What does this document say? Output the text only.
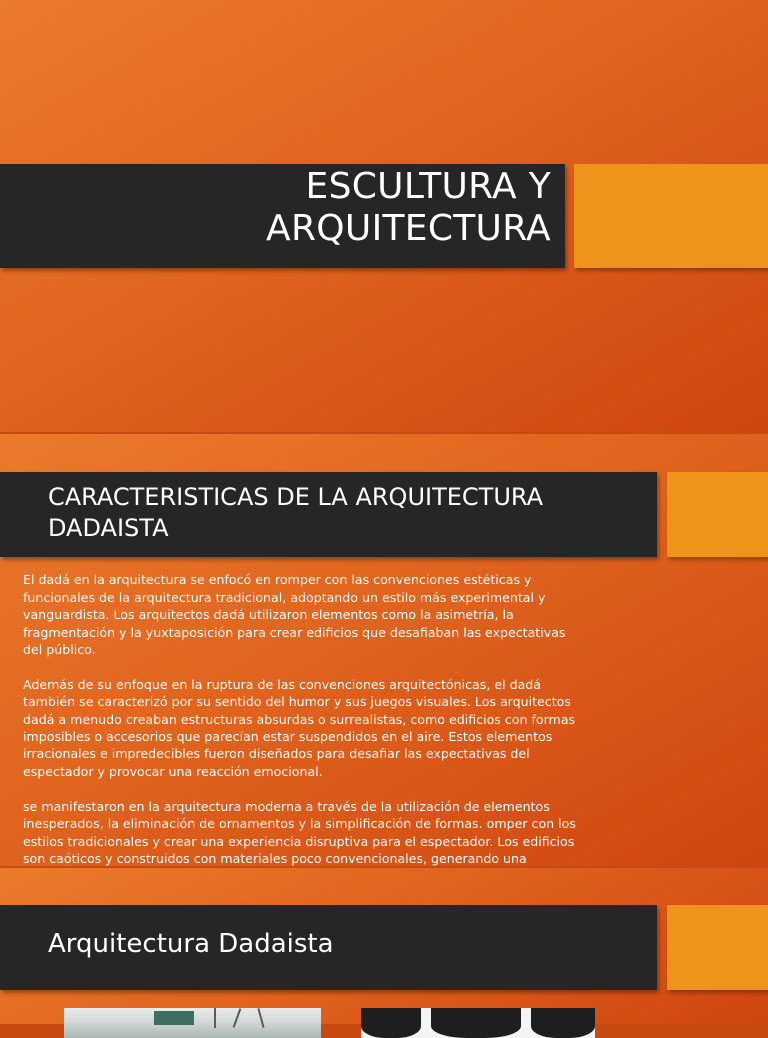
ESCULTURA Y
ARQUITECTURA
CARACTERISTICAS DE LA ARQUITECTURA
DADAISTA

El dadá en la arquitectura se enfocó en romper con las convenciones estéticas y
funcionales de la arquitectura tradicional, adoptando un estilo más experimental y
vanguardista. Los arquitectos dadá utilizaron elementos como la asimetría, la
fragmentación y la yuxtaposición para crear edificios que desafiaban las expectativas
del público.

Además de su enfoque en la ruptura de las convenciones arquitectónicas, el dadá
también se caracterizó por su sentido del humor y sus juegos visuales. Los arquitectos
dadá a menudo creaban estructuras absurdas o surrealistas, como edificios con formas
imposibles o accesorios que parecían estar suspendidos en el aire. Estos elementos
irracionales e impredecibles fueron diseñados para desafiar las expectativas del
espectador y provocar una reacción emocional.

se manifestaron en la arquitectura moderna a través de la utilización de elementos
inesperados, la eliminación de ornamentos y la simplificación de formas. omper con los
estilos tradicionales y crear una experiencia disruptiva para el espectador. Los edificios
son caóticos y construidos con materiales poco convencionales, generando una

Arquitectura Dadaista
